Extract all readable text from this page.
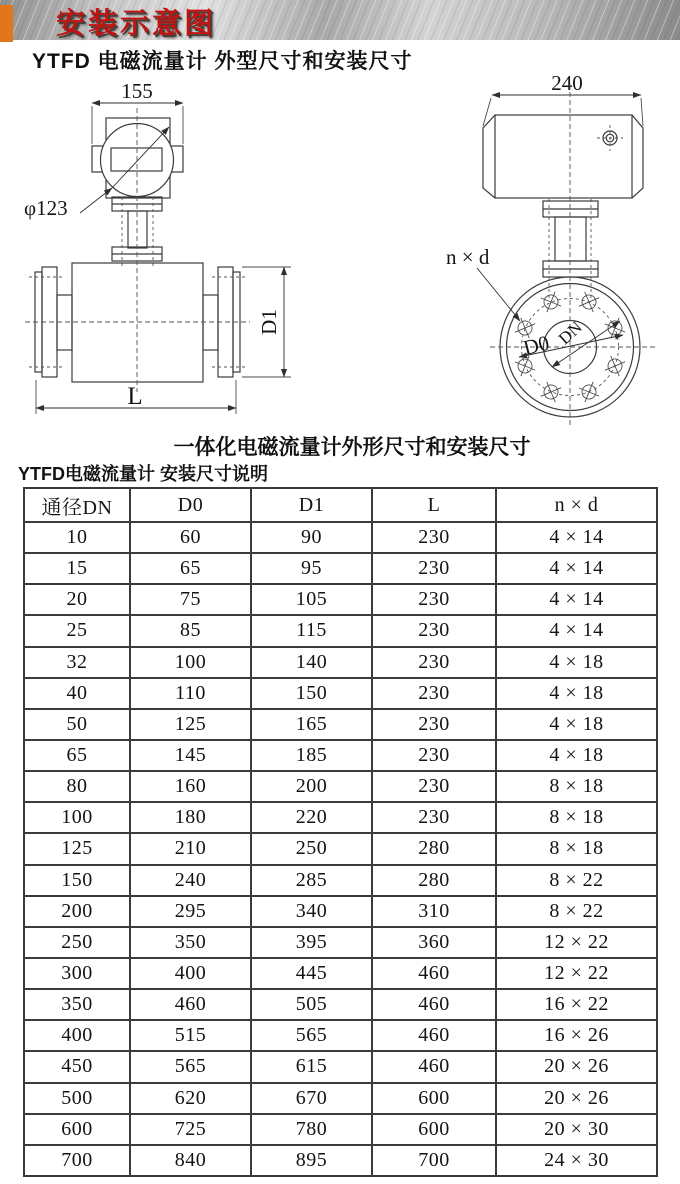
安装示意图
YTFD 电磁流量计 外型尺寸和安装尺寸
155
φ123
D1
L
240
n × d
D0 DN
一体化电磁流量计外形尺寸和安装尺寸
YTFD电磁流量计 安装尺寸说明
通径DN	D0	D1	L	n × d
10	60	90	230	4 × 14
15	65	95	230	4 × 14
20	75	105	230	4 × 14
25	85	115	230	4 × 14
32	100	140	230	4 × 18
40	110	150	230	4 × 18
50	125	165	230	4 × 18
65	145	185	230	4 × 18
80	160	200	230	8 × 18
100	180	220	230	8 × 18
125	210	250	280	8 × 18
150	240	285	280	8 × 22
200	295	340	310	8 × 22
250	350	395	360	12 × 22
300	400	445	460	12 × 22
350	460	505	460	16 × 22
400	515	565	460	16 × 26
450	565	615	460	20 × 26
500	620	670	600	20 × 26
600	725	780	600	20 × 30
700	840	895	700	24 × 30
